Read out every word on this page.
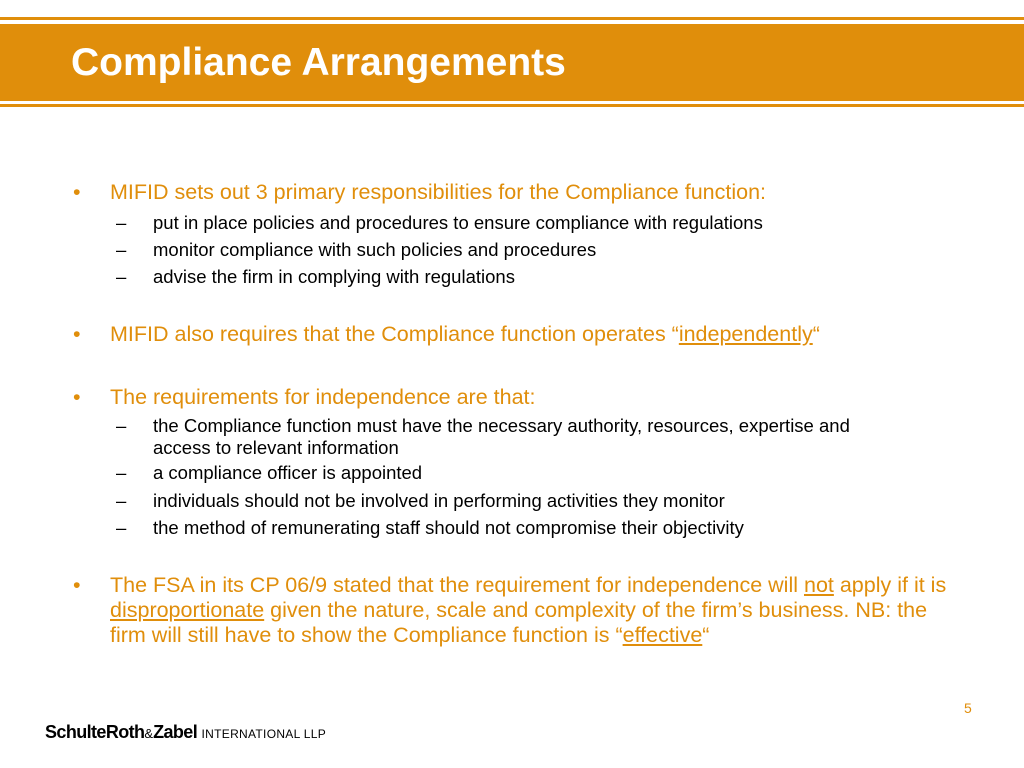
Compliance Arrangements
• MIFID sets out 3 primary responsibilities for the Compliance function:
– put in place policies and procedures to ensure compliance with regulations
– monitor compliance with such policies and procedures
– advise the firm in complying with regulations
• MIFID also requires that the Compliance function operates “independently“
• The requirements for independence are that:
– the Compliance function must have the necessary authority, resources, expertise and access to relevant information
– a compliance officer is appointed
– individuals should not be involved in performing activities they monitor
– the method of remunerating staff should not compromise their objectivity
• The FSA in its CP 06/9 stated that the requirement for independence will not apply if it is disproportionate given the nature, scale and complexity of the firm’s business. NB: the firm will still have to show the Compliance function is “effective“
5
SchulteRoth&Zabel INTERNATIONAL LLP
